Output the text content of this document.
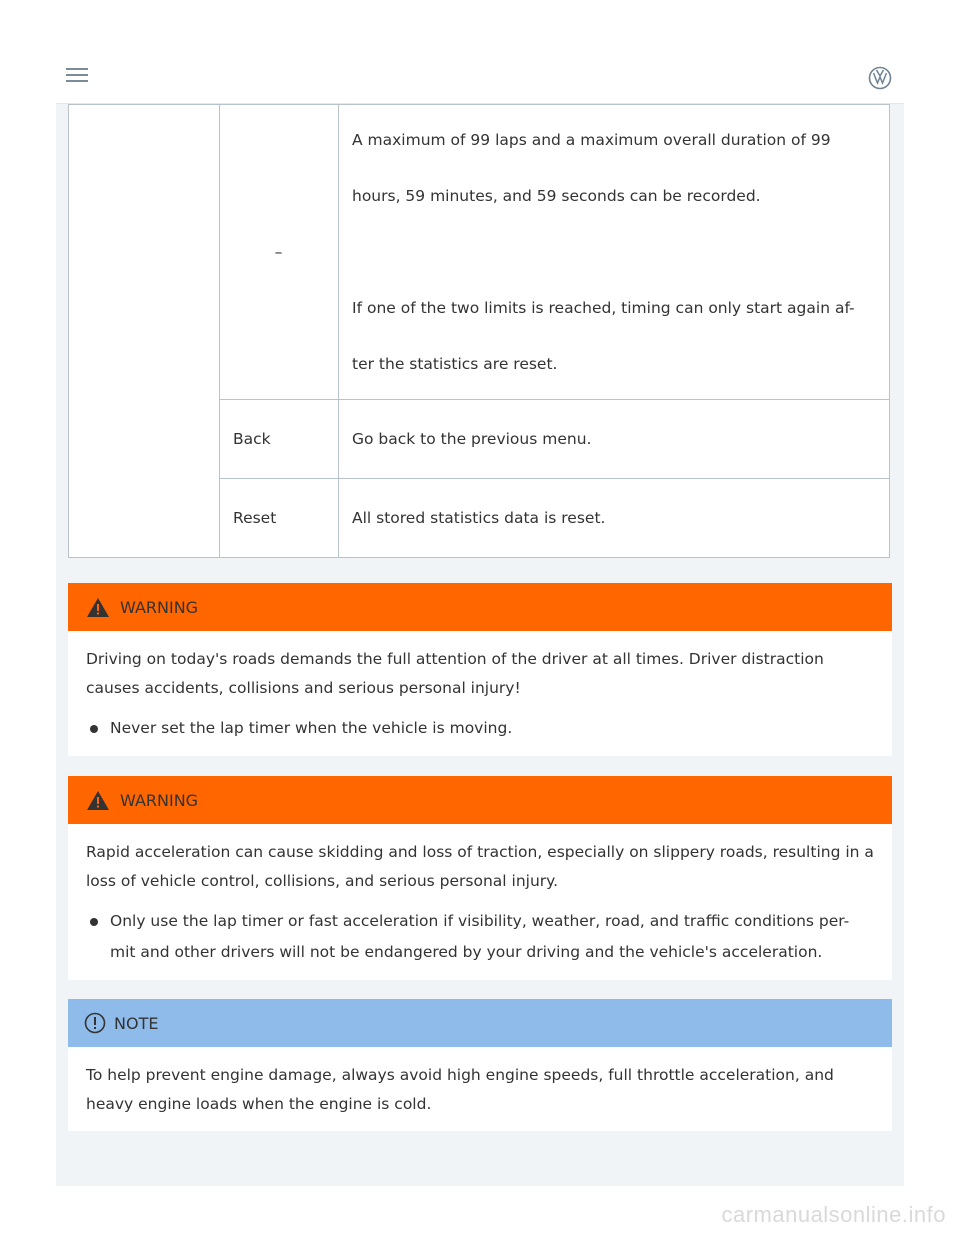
	–	A maximum of 99 laps and a maximum overall duration of 99
hours, 59 minutes, and 59 seconds can be recorded.

If one of the two limits is reached, timing can only start again af-
ter the statistics are reset.

	Back	Go back to the previous menu.
	Reset	All stored statistics data is reset.
WARNING
Driving on today's roads demands the full attention of the driver at all times. Driver distraction causes accidents, collisions and serious personal injury!
Never set the lap timer when the vehicle is moving.
WARNING
Rapid acceleration can cause skidding and loss of traction, especially on slippery roads, resulting in a loss of vehicle control, collisions, and serious personal injury.
Only use the lap timer or fast acceleration if visibility, weather, road, and traffic conditions per-mit and other drivers will not be endangered by your driving and the vehicle's acceleration.
NOTE
To help prevent engine damage, always avoid high engine speeds, full throttle acceleration, and heavy engine loads when the engine is cold.
carmanualsonline.info
